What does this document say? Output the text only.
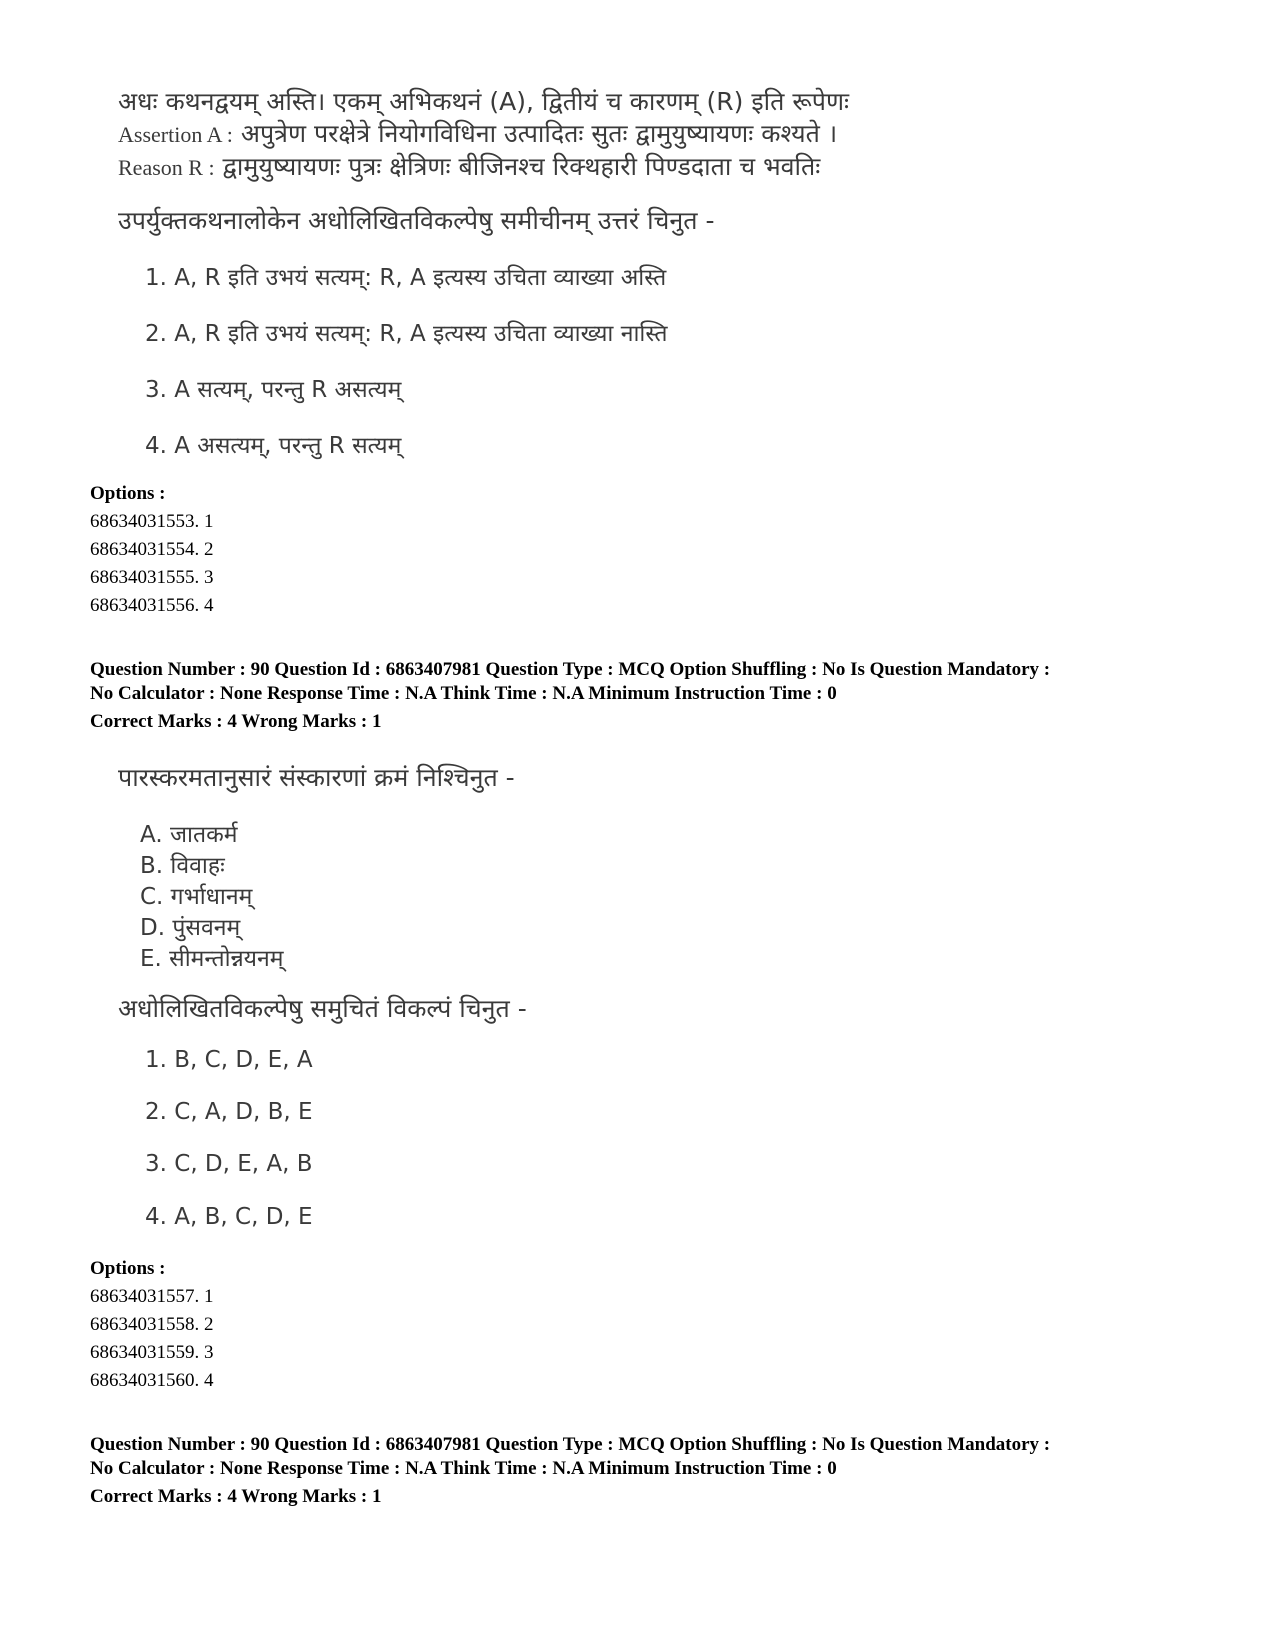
अधः कथनद्वयम् अस्ति। एकम् अभिकथनं (A), द्वितीयं च कारणम् (R) इति रूपेणः
Assertion A : अपुत्रेण परक्षेत्रे नियोगविधिना उत्पादितः सुतः द्वामुयुष्यायणः कश्यते ।
Reason R : द्वामुयुष्यायणः पुत्रः क्षेत्रिणः बीजिनश्च रिक्थहारी पिण्डदाता च भवतिः
उपर्युक्तकथनालोकेन अधोलिखितविकल्पेषु समीचीनम् उत्तरं चिनुत -
1. A, R इति उभयं सत्यम्: R, A इत्यस्य उचिता व्याख्या अस्ति
2. A, R इति उभयं सत्यम्: R, A इत्यस्य उचिता व्याख्या नास्ति
3. A सत्यम्, परन्तु R असत्यम्
4. A असत्यम्, परन्तु R सत्यम्
Options :
68634031553. 1
68634031554. 2
68634031555. 3
68634031556. 4
Question Number : 90 Question Id : 6863407981 Question Type : MCQ Option Shuffling : No Is Question Mandatory :
No Calculator : None Response Time : N.A Think Time : N.A Minimum Instruction Time : 0
Correct Marks : 4 Wrong Marks : 1
पारस्करमतानुसारं संस्कारणां क्रमं निश्चिनुत -
A. जातकर्म
B. विवाहः
C. गर्भाधानम्
D. पुंसवनम्
E. सीमन्तोन्नयनम्
अधोलिखितविकल्पेषु समुचितं विकल्पं चिनुत -
1. B, C, D, E, A
2. C, A, D, B, E
3. C, D, E, A, B
4. A, B, C, D, E
Options :
68634031557. 1
68634031558. 2
68634031559. 3
68634031560. 4
Question Number : 90 Question Id : 6863407981 Question Type : MCQ Option Shuffling : No Is Question Mandatory :
No Calculator : None Response Time : N.A Think Time : N.A Minimum Instruction Time : 0
Correct Marks : 4 Wrong Marks : 1
